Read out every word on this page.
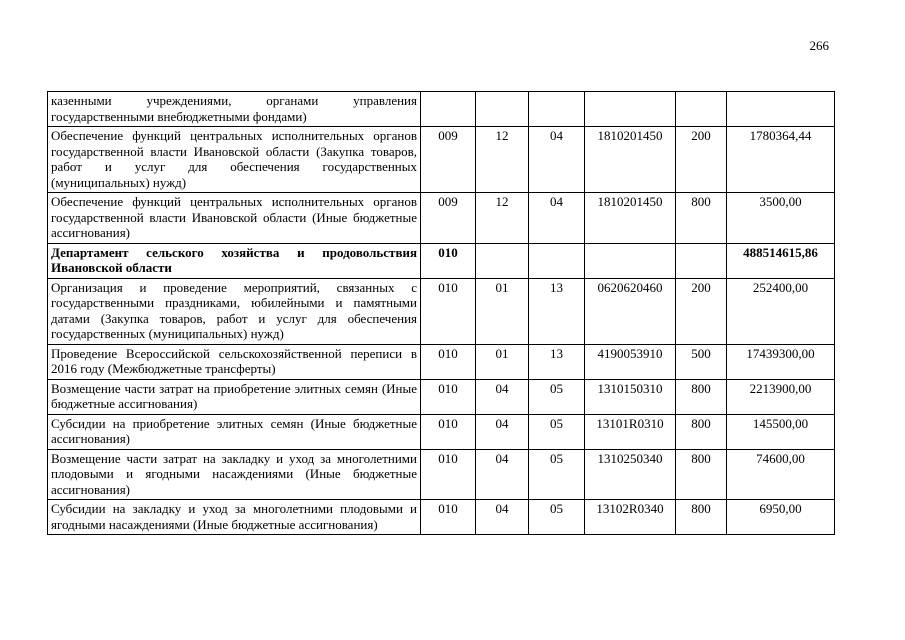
266
казенными учреждениями, органами управления государственными внебюджетными фондами)						
Обеспечение функций центральных исполнительных органов государственной власти Ивановской области (Закупка товаров, работ и услуг для обеспечения государственных (муниципальных) нужд)	009	12	04	1810201450	200	1780364,44
Обеспечение функций центральных исполнительных органов государственной власти Ивановской области (Иные бюджетные ассигнования)	009	12	04	1810201450	800	3500,00
Департамент сельского хозяйства и продовольствия Ивановской области	010					488514615,86
Организация и проведение мероприятий, связанных с государственными праздниками, юбилейными и памятными датами (Закупка товаров, работ и услуг для обеспечения государственных (муниципальных) нужд)	010	01	13	0620620460	200	252400,00
Проведение Всероссийской сельскохозяйственной переписи в 2016 году (Межбюджетные трансферты)	010	01	13	4190053910	500	17439300,00
Возмещение части затрат на приобретение элитных семян (Иные бюджетные ассигнования)	010	04	05	1310150310	800	2213900,00
Субсидии на приобретение элитных семян (Иные бюджетные ассигнования)	010	04	05	13101R0310	800	145500,00
Возмещение части затрат на закладку и уход за многолетними плодовыми и ягодными насаждениями (Иные бюджетные ассигнования)	010	04	05	1310250340	800	74600,00
Субсидии на закладку и уход за многолетними плодовыми и ягодными насаждениями (Иные бюджетные ассигнования)	010	04	05	13102R0340	800	6950,00
